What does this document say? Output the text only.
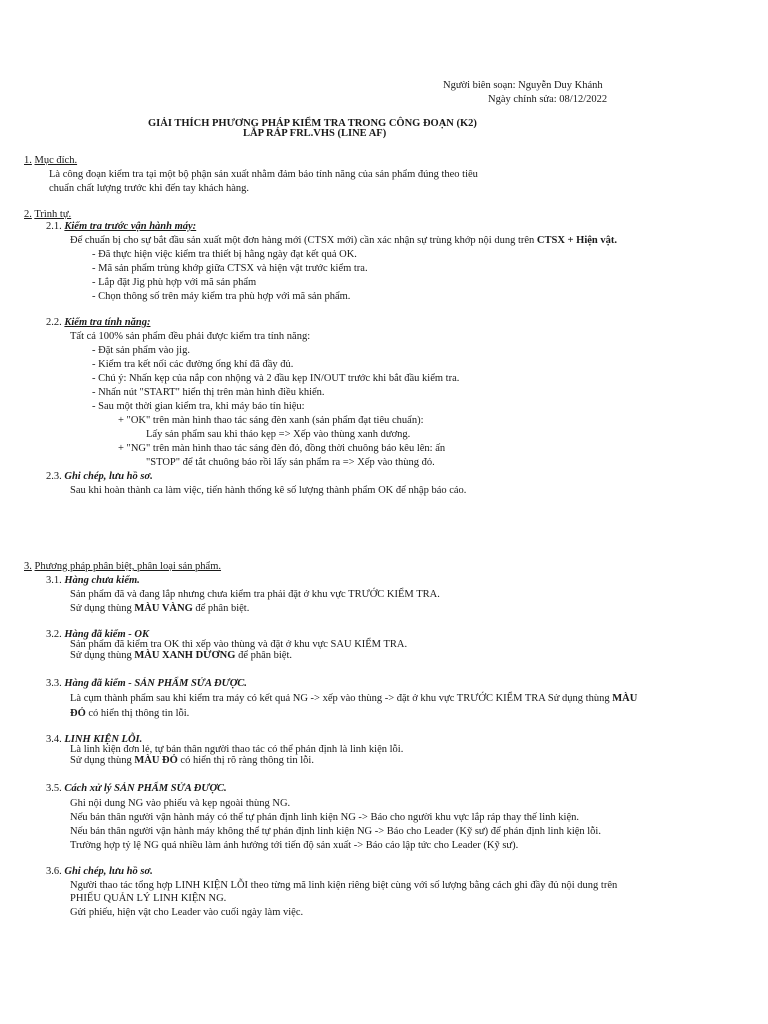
Người biên soạn: Nguyễn Duy Khánh
Ngày chỉnh sửa: 08/12/2022
GIẢI THÍCH PHƯƠNG PHÁP KIỂM TRA TRONG CÔNG ĐOẠN (K2)
LẮP RÁP FRL.VHS (LINE AF)
1. Mục đích.
Là công đoạn kiểm tra tại một bộ phận sản xuất nhằm đảm bảo tính năng của sản phẩm đúng theo tiêu
chuẩn chất lượng trước khi đến tay khách hàng.
2. Trình tự.
2.1. Kiểm tra trước vận hành máy:
Để chuẩn bị cho sự bắt đầu sản xuất một đơn hàng mới (CTSX mới) cần xác nhận sự trùng khớp nội dung trên CTSX + Hiện vật.
- Đã thực hiện việc kiểm tra thiết bị hằng ngày đạt kết quả OK.
- Mã sản phẩm trùng khớp giữa CTSX và hiện vật trước kiểm tra.
- Lắp đặt Jig phù hợp với mã sản phẩm
- Chọn thông số trên máy kiểm tra phù hợp với mã sản phẩm.
2.2. Kiểm tra tính năng:
Tất cả 100% sản phẩm đều phải được kiểm tra tính năng:
- Đặt sản phẩm vào jig.
- Kiểm tra kết nối các đường ống khí đã đầy đủ.
- Chú ý: Nhấn kẹp của nắp con nhộng và 2 đầu kẹp IN/OUT trước khi bắt đầu kiểm tra.
- Nhấn nút "START" hiển thị trên màn hình điều khiển.
- Sau một thời gian kiểm tra, khi máy báo tín hiệu:
+ "OK" trên màn hình thao tác sáng đèn xanh (sản phẩm đạt tiêu chuẩn):
Lấy sản phẩm sau khi tháo kẹp => Xếp vào thùng xanh dương.
+ "NG" trên màn hình thao tác sáng đèn đỏ, đồng thời chuông báo kêu lên: ấn
"STOP" để tắt chuông báo rồi lấy sản phẩm ra => Xếp vào thùng đỏ.
2.3. Ghi chép, lưu hồ sơ.
Sau khi hoàn thành ca làm việc, tiến hành thống kê số lượng thành phẩm OK để nhập báo cáo.
3. Phương pháp phân biệt, phân loại sản phẩm.
3.1. Hàng chưa kiểm.
Sản phẩm đã và đang lắp nhưng chưa kiểm tra phải đặt ở khu vực TRƯỚC KIỂM TRA.
Sử dụng thùng MÀU VÀNG để phân biệt.
3.2. Hàng đã kiểm - OK
Sản phẩm đã kiểm tra OK thì xếp vào thùng và đặt ở khu vực SAU KIỂM TRA.
Sử dụng thùng MÀU XANH DƯƠNG để phân biệt.
3.3. Hàng đã kiểm - SẢN PHẨM SỬA ĐƯỢC.
Là cụm thành phẩm sau khi kiểm tra máy có kết quả NG -> xếp vào thùng -> đặt ở khu vực TRƯỚC KIỂM TRA Sử dụng thùng MÀU
ĐỎ có hiển thị thông tin lỗi.
3.4. LINH KIỆN LỖI.
Là linh kiện đơn lẻ, tự bản thân người thao tác có thể phán định là linh kiện lỗi.
Sử dụng thùng MÀU ĐỎ có hiển thị rõ ràng thông tin lỗi.
3.5. Cách xử lý SẢN PHẨM SỬA ĐƯỢC.
Ghi nội dung NG vào phiếu và kẹp ngoài thùng NG.
Nếu bản thân người vận hành máy có thể tự phán định linh kiện NG -> Báo cho người khu vực lắp ráp thay thế linh kiện.
Nếu bản thân người vận hành máy không thể tự phán định linh kiện NG -> Báo cho Leader (Kỹ sư) để phán định linh kiện lỗi.
Trường hợp tỷ lệ NG quá nhiều làm ảnh hưởng tới tiến độ sản xuất -> Báo cáo lập tức cho Leader (Kỹ sư).
3.6. Ghi chép, lưu hồ sơ.
Người thao tác tổng hợp LINH KIỆN LỖI theo từng mã linh kiện riêng biệt cùng với số lượng bằng cách ghi đầy đủ nội dung trên
PHIẾU QUẢN LÝ LINH KIỆN NG.
Gửi phiếu, hiện vật cho Leader vào cuối ngày làm việc.
